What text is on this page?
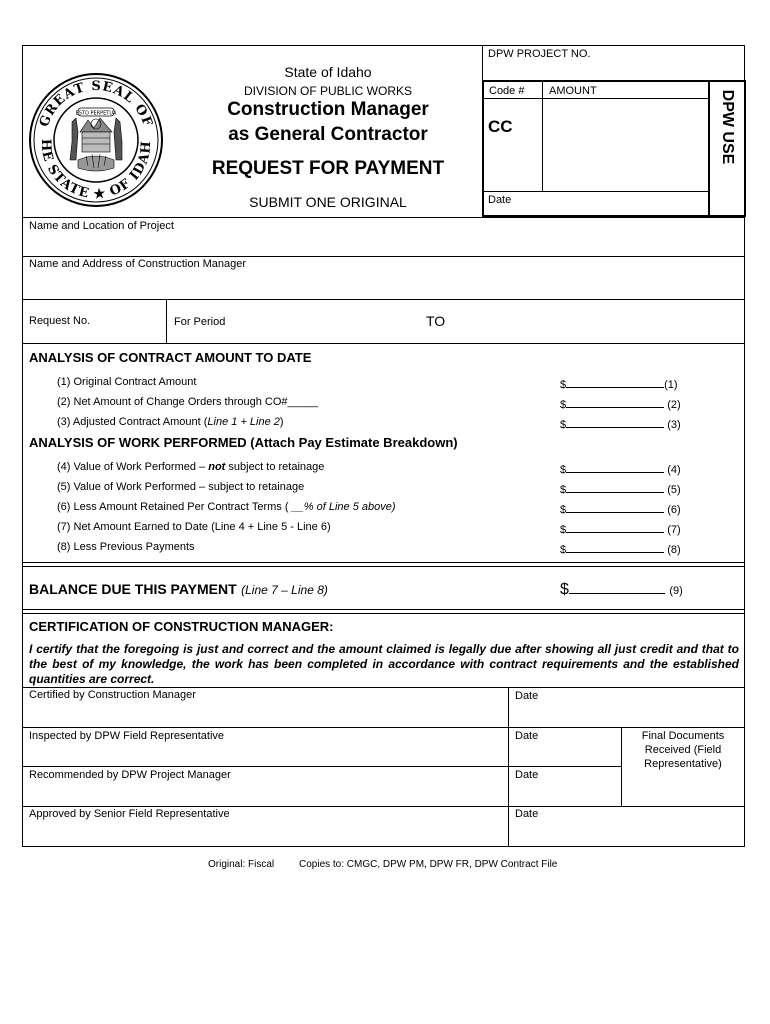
GREAT SEAL OF
HE STATE ★ OF IDAH
ESTO PERPETUA
State of Idaho
DIVISION OF PUBLIC WORKS
Construction Manager
as General Contractor
REQUEST FOR PAYMENT
SUBMIT ONE ORIGINAL
DPW PROJECT NO.
Code # AMOUNT
CC
Date
DPW USE
Name and Location of Project
Name and Address of Construction Manager
Request No.	For Period	TO
ANALYSIS OF CONTRACT AMOUNT TO DATE
(1) Original Contract Amount	$	(1)
(2) Net Amount of Change Orders through CO#_____	$	(2)
(3) Adjusted Contract Amount (Line 1 + Line 2)	$	(3)
ANALYSIS OF WORK PERFORMED (Attach Pay Estimate Breakdown)
(4) Value of Work Performed – not subject to retainage	$	(4)
(5) Value of Work Performed – subject to retainage	$	(5)
(6) Less Amount Retained Per Contract Terms ( __% of Line 5 above)	$	(6)
(7) Net Amount Earned to Date (Line 4 + Line 5 - Line 6)	$	(7)
(8) Less Previous Payments	$	(8)
BALANCE DUE THIS PAYMENT (Line 7 – Line 8)	$	(9)
CERTIFICATION OF CONSTRUCTION MANAGER:
I certify that the foregoing is just and correct and the amount claimed is legally due after showing all just credit and that to the best of my knowledge, the work has been completed in accordance with contract requirements and the established quantities are correct.
Certified by Construction Manager	Date
Inspected by DPW Field Representative	Date
Recommended by DPW Project Manager	Date
Final Documents Received (Field Representative)
Approved by Senior Field Representative	Date
Original: Fiscal Copies to: CMGC, DPW PM, DPW FR, DPW Contract File
